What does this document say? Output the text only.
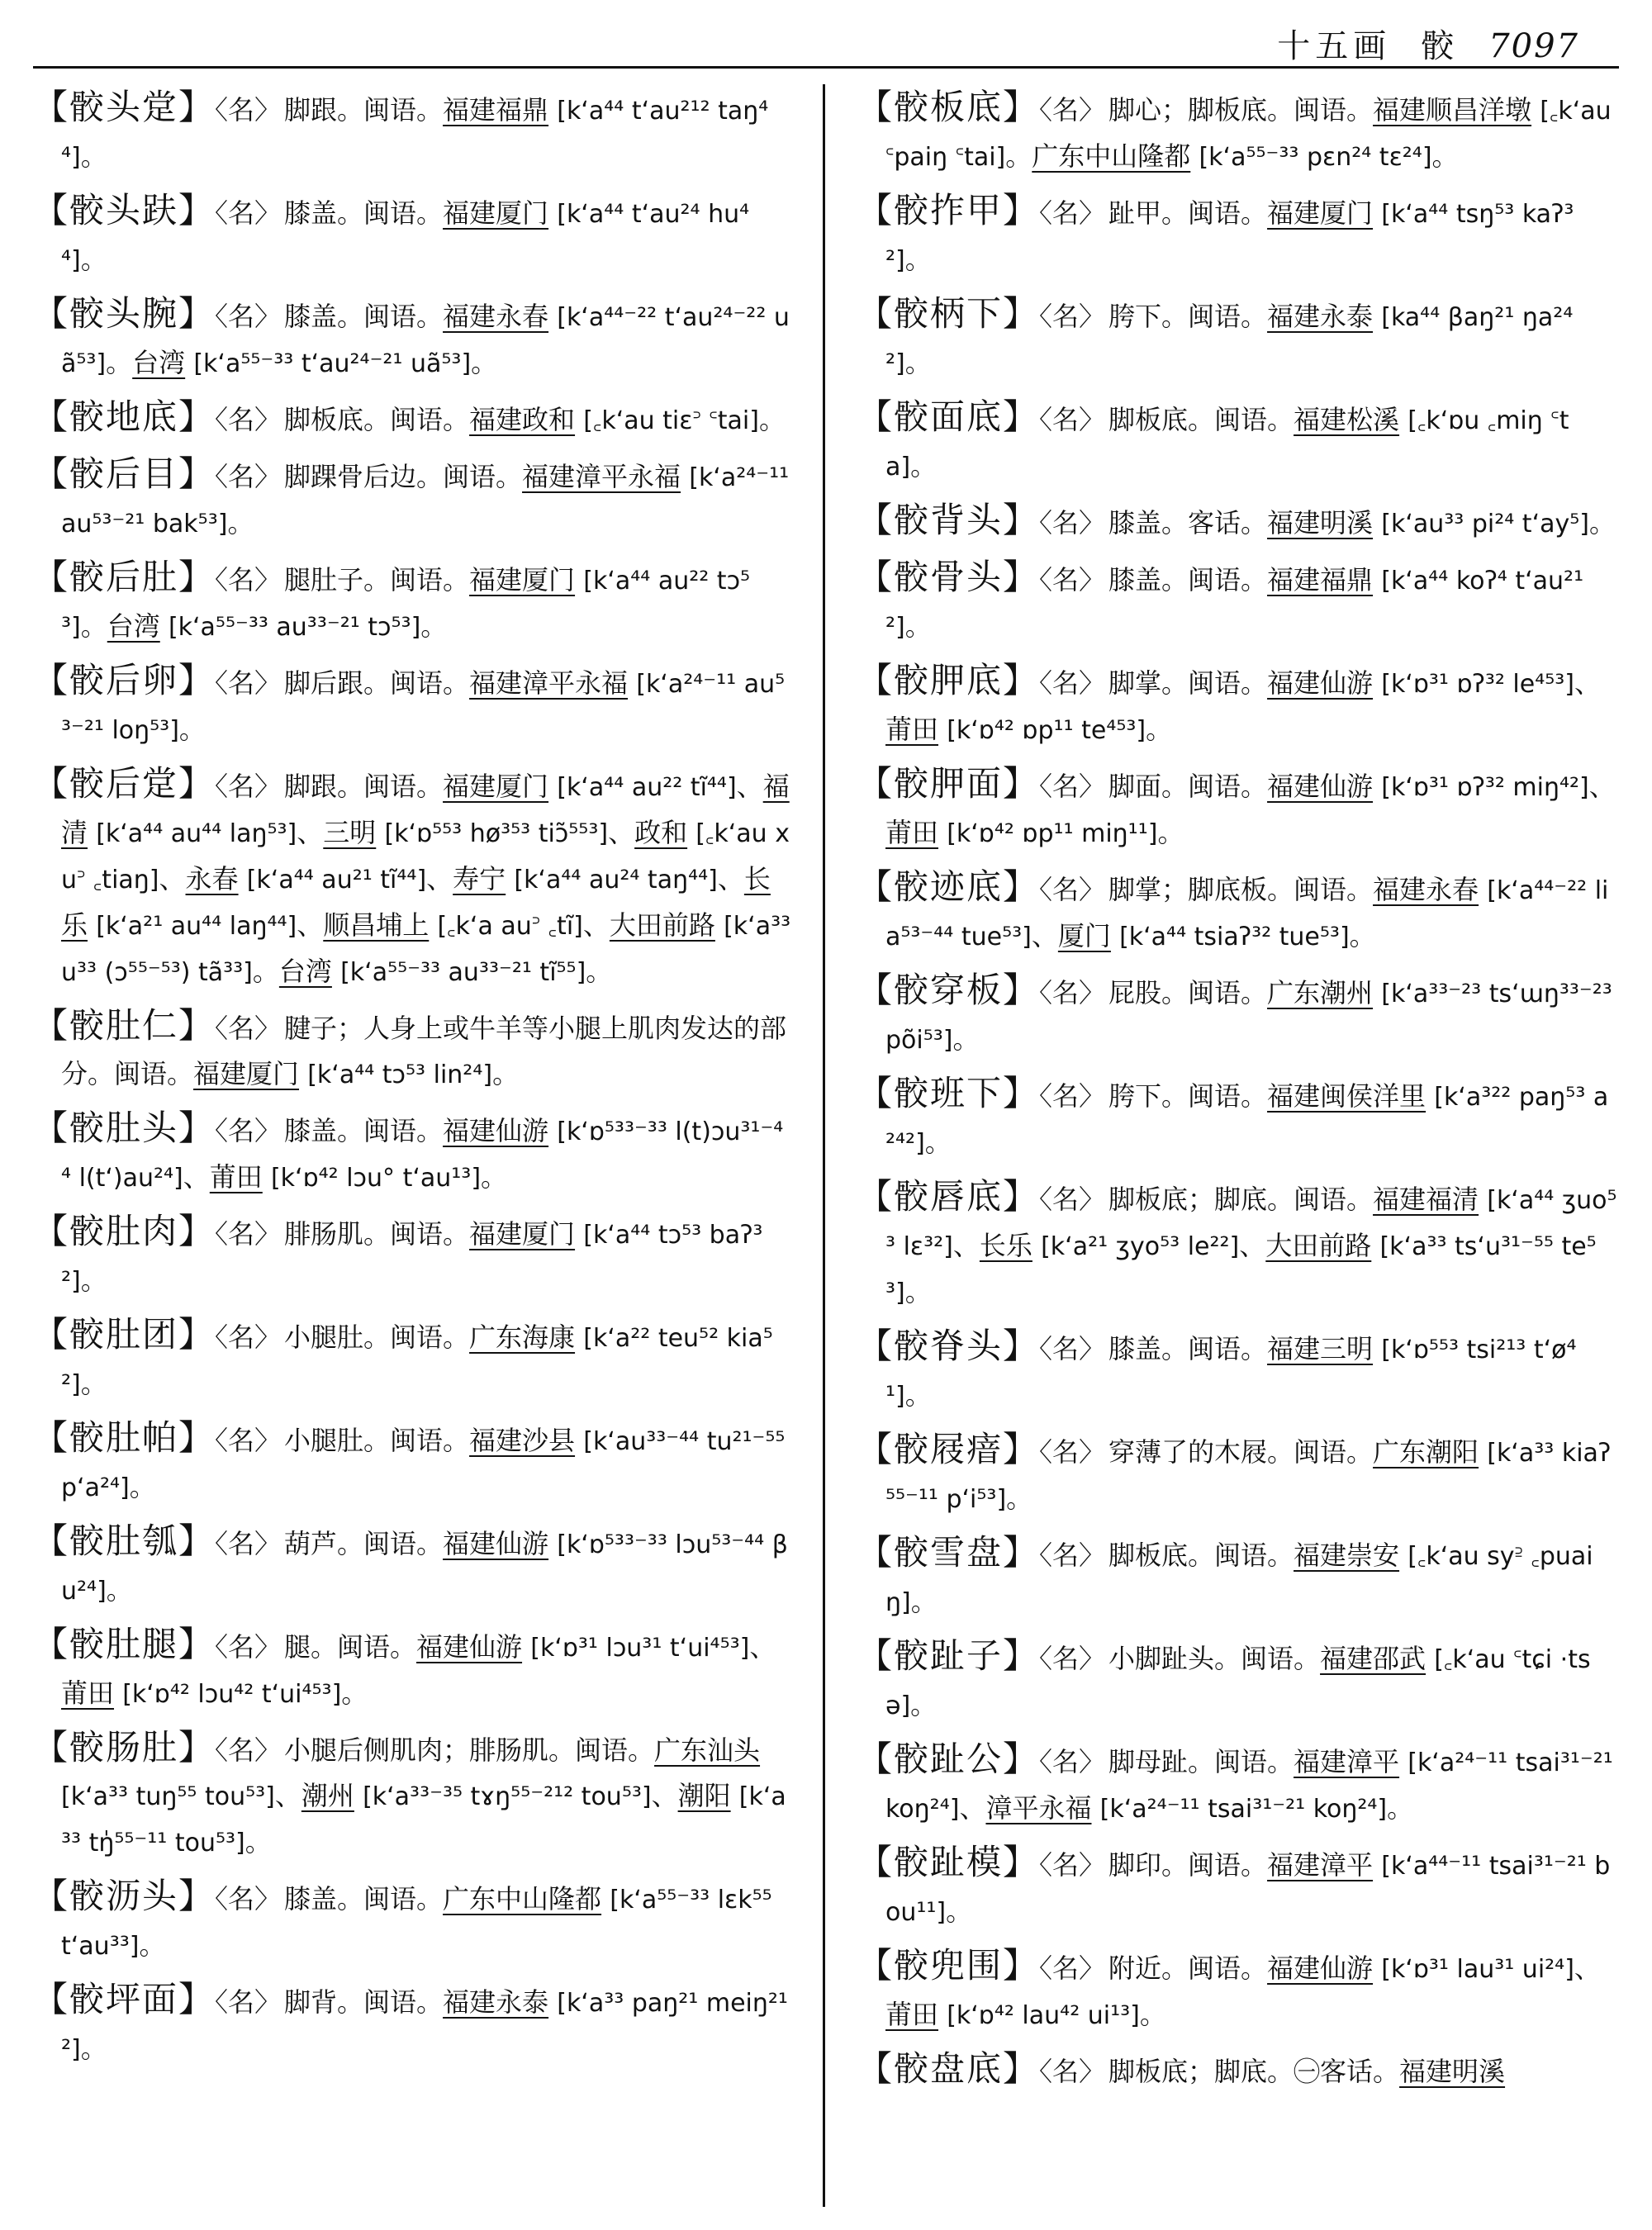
十五画 骹 7097

【骹头䟫】〈名〉 脚跟。闽语。福建福鼎 [k‘a⁴⁴ t‘au²¹² taŋ⁴⁴]。

【骹头趺】〈名〉 膝盖。闽语。福建厦门 [k‘a⁴⁴ t‘au²⁴ hu⁴⁴]。

【骹头腕】〈名〉 膝盖。闽语。福建永春 [k‘a⁴⁴⁻²² t‘au²⁴⁻²² uã⁵³]。台湾 [k‘a⁵⁵⁻³³ t‘au²⁴⁻²¹ uã⁵³]。

【骹地底】〈名〉 脚板底。闽语。福建政和 [꜀k‘au tiɛ꜄ ꜂tai]。

【骹后目】〈名〉 脚踝骨后边。闽语。福建漳平永福 [k‘a²⁴⁻¹¹ au⁵³⁻²¹ bak⁵³]。

【骹后肚】〈名〉 腿肚子。闽语。福建厦门 [k‘a⁴⁴ au²² tɔ⁵³]。台湾 [k‘a⁵⁵⁻³³ au³³⁻²¹ tɔ⁵³]。

【骹后卵】〈名〉 脚后跟。闽语。福建漳平永福 [k‘a²⁴⁻¹¹ au⁵³⁻²¹ loŋ⁵³]。

【骹后䟫】〈名〉 脚跟。闽语。福建厦门 [k‘a⁴⁴ au²² tĩ⁴⁴]、福清 [k‘a⁴⁴ au⁴⁴ laŋ⁵³]、三明 [k‘ɒ⁵⁵³ hø³⁵³ tiɔ̃⁵⁵³]、政和 [꜀k‘au xu꜄ ꜀tiaŋ]、永春 [k‘a⁴⁴ au²¹ tĩ⁴⁴]、寿宁 [k‘a⁴⁴ au²⁴ taŋ⁴⁴]、长乐 [k‘a²¹ au⁴⁴ laŋ⁴⁴]、顺昌埔上 [꜀k‘a au꜄ ꜀tĩ]、大田前路 [k‘a³³ u³³ (ɔ⁵⁵⁻⁵³) tã³³]。台湾 [k‘a⁵⁵⁻³³ au³³⁻²¹ tĩ⁵⁵]。

【骹肚仁】〈名〉 腱子；人身上或牛羊等小腿上肌肉发达的部分。闽语。福建厦门 [k‘a⁴⁴ tɔ⁵³ lin²⁴]。

【骹肚头】〈名〉 膝盖。闽语。福建仙游 [k‘ɒ⁵³³⁻³³ l(t)ɔu³¹⁻⁴⁴ l(t‘)au²⁴]、莆田 [k‘ɒ⁴² lɔu° t‘au¹³]。

【骹肚肉】〈名〉 腓肠肌。闽语。福建厦门 [k‘a⁴⁴ tɔ⁵³ baʔ³²]。

【骹肚团】〈名〉 小腿肚。闽语。广东海康 [k‘a²² teu⁵² kia⁵²]。

【骹肚帕】〈名〉 小腿肚。闽语。福建沙县 [k‘au³³⁻⁴⁴ tu²¹⁻⁵⁵ p‘a²⁴]。

【骹肚瓠】〈名〉 葫芦。闽语。福建仙游 [k‘ɒ⁵³³⁻³³ lɔu⁵³⁻⁴⁴ βu²⁴]。

【骹肚腿】〈名〉 腿。闽语。福建仙游 [k‘ɒ³¹ lɔu³¹ t‘ui⁴⁵³]、莆田 [k‘ɒ⁴² lɔu⁴² t‘ui⁴⁵³]。

【骹肠肚】〈名〉 小腿后侧肌肉；腓肠肌。闽语。广东汕头 [k‘a³³ tuŋ⁵⁵ tou⁵³]、潮州 [k‘a³³⁻³⁵ tɤŋ⁵⁵⁻²¹² tou⁵³]、潮阳 [k‘a³³ tŋ̍⁵⁵⁻¹¹ tou⁵³]。

【骹沥头】〈名〉 膝盖。闽语。广东中山隆都 [k‘a⁵⁵⁻³³ lɛk⁵⁵ t‘au³³]。

【骹坪面】〈名〉 脚背。闽语。福建永泰 [k‘a³³ paŋ²¹ meiŋ²¹²]。

【骹板底】〈名〉 脚心；脚板底。闽语。福建顺昌洋墩 [꜀k‘au ꜂paiŋ ꜂tai]。广东中山隆都 [k‘a⁵⁵⁻³³ pɛn²⁴ tɛ²⁴]。

【骹拃甲】〈名〉 趾甲。闽语。福建厦门 [k‘a⁴⁴ tsŋ⁵³ kaʔ³²]。

【骹柄下】〈名〉 胯下。闽语。福建永泰 [ka⁴⁴ βaŋ²¹ ŋa²⁴²]。

【骹面底】〈名〉 脚板底。闽语。福建松溪 [꜀k‘ɒu ꜀miŋ ꜂ta]。

【骹背头】〈名〉 膝盖。客话。福建明溪 [k‘au³³ pi²⁴ t‘ay⁵]。

【骹骨头】〈名〉 膝盖。闽语。福建福鼎 [k‘a⁴⁴ koʔ⁴ t‘au²¹²]。

【骹胛底】〈名〉 脚掌。闽语。福建仙游 [k‘ɒ³¹ ɒʔ³² le⁴⁵³]、莆田 [k‘ɒ⁴² ɒp¹¹ te⁴⁵³]。

【骹胛面】〈名〉 脚面。闽语。福建仙游 [k‘ɒ³¹ ɒʔ³² miŋ⁴²]、莆田 [k‘ɒ⁴² ɒp¹¹ miŋ¹¹]。

【骹迹底】〈名〉 脚掌；脚底板。闽语。福建永春 [k‘a⁴⁴⁻²² lia⁵³⁻⁴⁴ tue⁵³]、厦门 [k‘a⁴⁴ tsiaʔ³² tue⁵³]。

【骹穿板】〈名〉 屁股。闽语。广东潮州 [k‘a³³⁻²³ ts‘ɯŋ³³⁻²³ põi⁵³]。

【骹班下】〈名〉 胯下。闽语。福建闽侯洋里 [k‘a³²² paŋ⁵³ a²⁴²]。

【骹唇底】〈名〉 脚板底；脚底。闽语。福建福清 [k‘a⁴⁴ ʒuo⁵³ lɛ³²]、长乐 [k‘a²¹ ʒyo⁵³ le²²]、大田前路 [k‘a³³ ts‘u³¹⁻⁵⁵ te⁵³]。

【骹脊头】〈名〉 膝盖。闽语。福建三明 [k‘ɒ⁵⁵³ tsi²¹³ t‘ø⁴¹]。

【骹屐瘖】〈名〉 穿薄了的木屐。闽语。广东潮阳 [k‘a³³ kiaʔ⁵⁵⁻¹¹ p‘i⁵³]。

【骹雪盘】〈名〉 脚板底。闽语。福建崇安 [꜀k‘au sy꜅ ꜀puaiŋ]。

【骹趾子】〈名〉 小脚趾头。闽语。福建邵武 [꜀k‘au ꜂tɕi ·tsə]。

【骹趾公】〈名〉 脚母趾。闽语。福建漳平 [k‘a²⁴⁻¹¹ tsai³¹⁻²¹ koŋ²⁴]、漳平永福 [k‘a²⁴⁻¹¹ tsai³¹⁻²¹ koŋ²⁴]。

【骹趾模】〈名〉 脚印。闽语。福建漳平 [k‘a⁴⁴⁻¹¹ tsai³¹⁻²¹ bou¹¹]。

【骹兜围】〈名〉 附近。闽语。福建仙游 [k‘ɒ³¹ lau³¹ ui²⁴]、莆田 [k‘ɒ⁴² lau⁴² ui¹³]。

【骹盘底】〈名〉 脚板底；脚底。㊀客话。福建明溪
